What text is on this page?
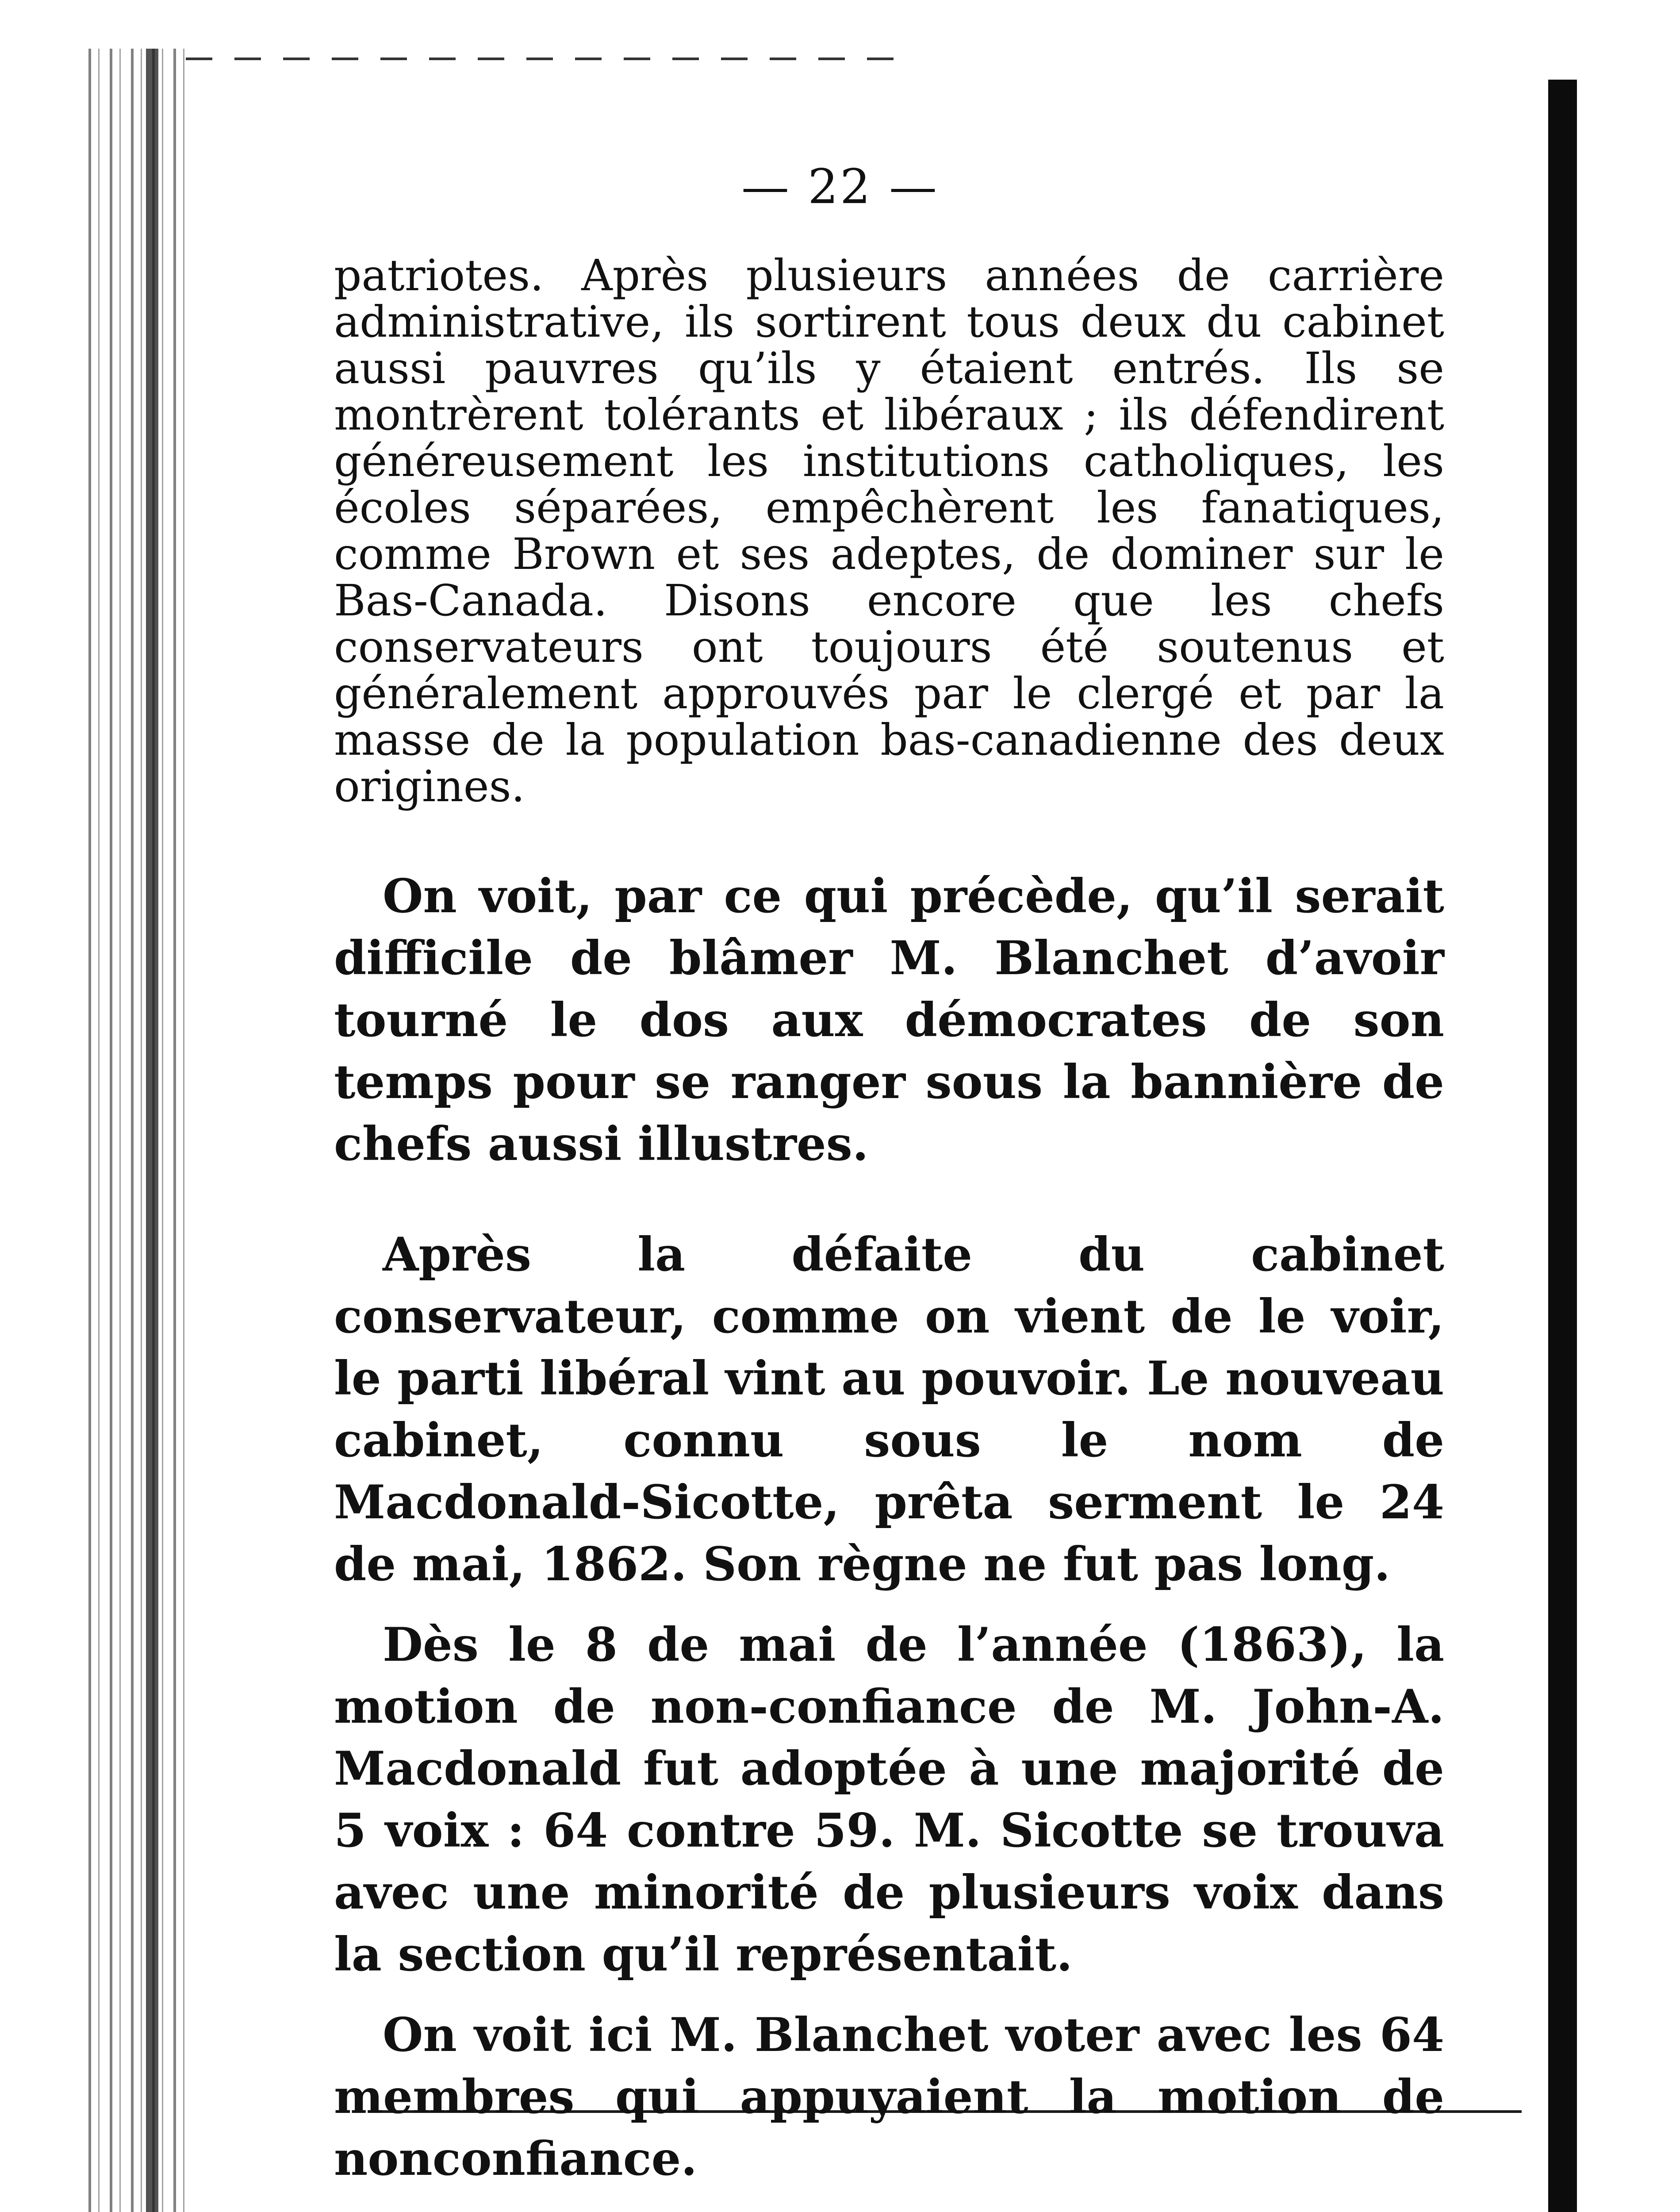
— 22 —

patriotes. Après plusieurs années de carrière administrative, ils sortirent tous deux du cabinet aussi pauvres qu’ils y étaient entrés. Ils se montrèrent tolérants et libéraux ; ils défendirent généreusement les institutions catholiques, les écoles séparées, empêchèrent les fanatiques, comme Brown et ses adeptes, de dominer sur le Bas-Canada. Disons encore que les chefs conservateurs ont toujours été soutenus et généralement approuvés par le clergé et par la masse de la population bas-canadienne des deux origines.

On voit, par ce qui précède, qu’il serait difficile de blâmer M. Blanchet d’avoir tourné le dos aux démocrates de son temps pour se ranger sous la bannière de chefs aussi illustres.

Après la défaite du cabinet conservateur, comme on vient de le voir, le parti libéral vint au pouvoir. Le nouveau cabinet, connu sous le nom de Macdonald-Sicotte, prêta serment le 24 de mai, 1862. Son règne ne fut pas long.

Dès le 8 de mai de l’année (1863), la motion de non-confiance de M. John-A. Macdonald fut adoptée à une majorité de 5 voix : 64 contre 59. M. Sicotte se trouva avec une minorité de plusieurs voix dans la section qu’il représentait.

On voit ici M. Blanchet voter avec les 64 membres qui appuyaient la motion de nonconfiance.
